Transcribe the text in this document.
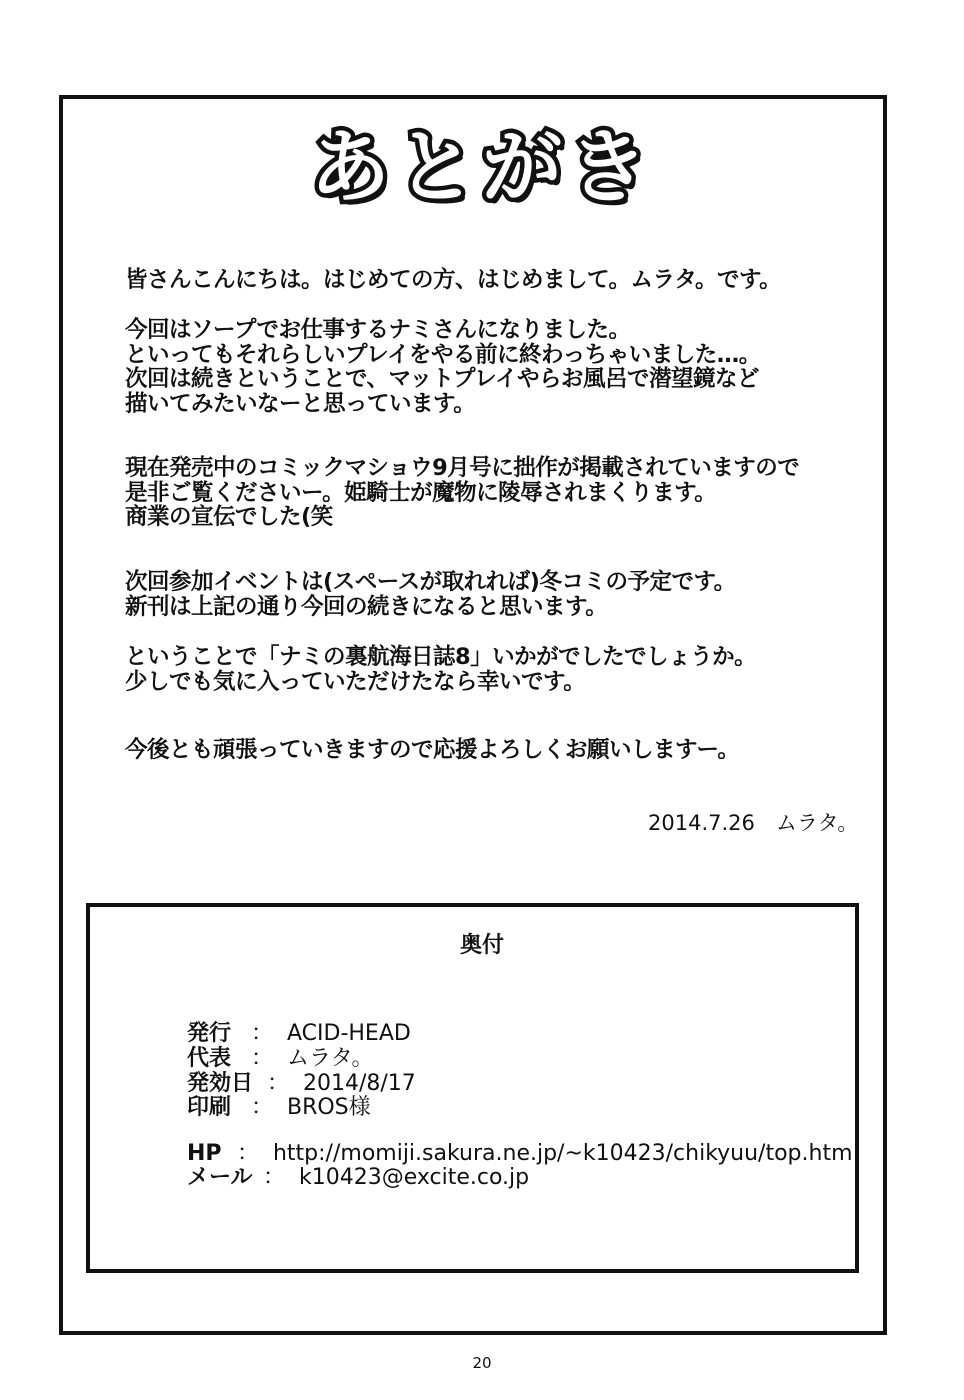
あとがき
皆さんこんにちは。はじめての方、はじめまして。ムラタ。です。
今回はソープでお仕事するナミさんになりました。
といってもそれらしいプレイをやる前に終わっちゃいました…。
次回は続きということで、マットプレイやらお風呂で潜望鏡など
描いてみたいなーと思っています。
現在発売中のコミックマショウ9月号に拙作が掲載されていますので
是非ご覧くださいー。姫騎士が魔物に陵辱されまくります。
商業の宣伝でした(笑
次回参加イベントは(スペースが取れれば)冬コミの予定です。
新刊は上記の通り今回の続きになると思います。
ということで「ナミの裏航海日誌8」いかがでしたでしょうか。
少しでも気に入っていただけたなら幸いです。
今後とも頑張っていきますので応援よろしくお願いしますー。
2014.7.26　ムラタ。
奥付
発行 ：  ACID-HEAD
代表 ：  ムラタ。
発効日 ：  2014/8/17
印刷 ：  BROS様
HP ：  http://momiji.sakura.ne.jp/~k10423/chikyuu/top.htm
メール ：  k10423@excite.co.jp
20
